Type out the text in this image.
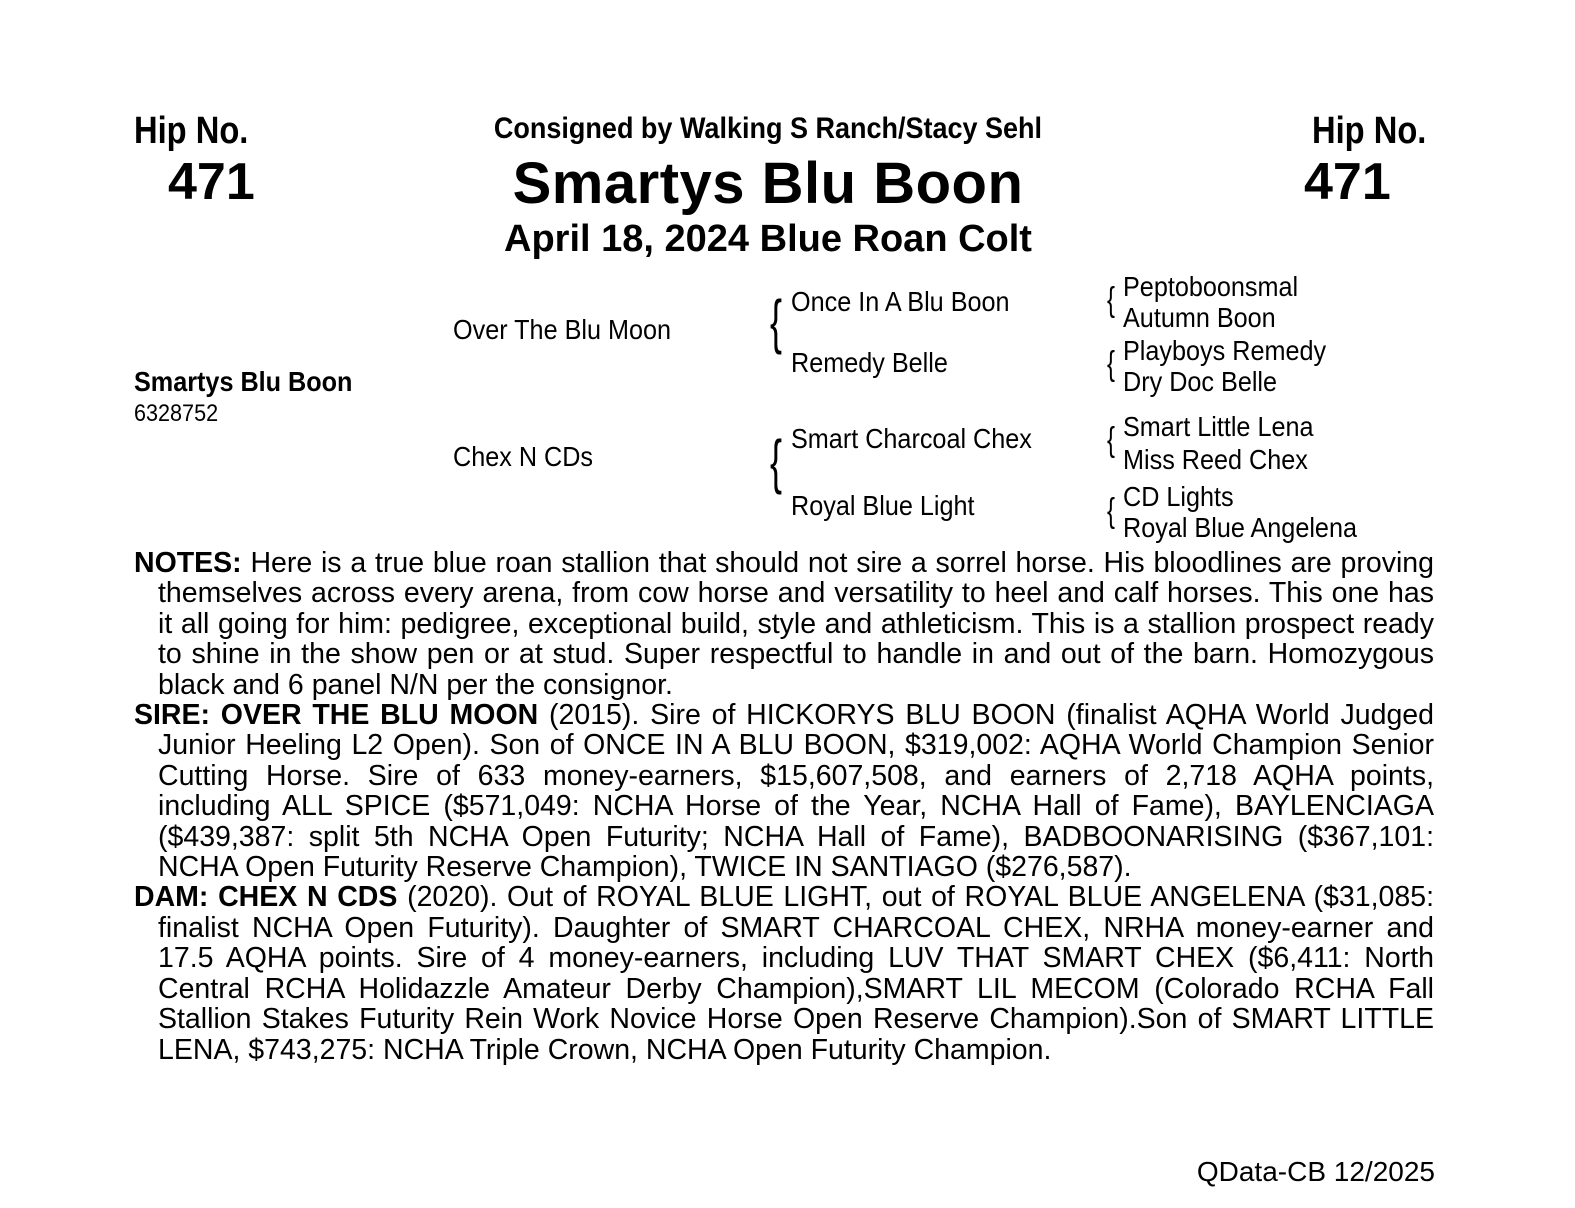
Hip No.
471
Hip No.
471
Consigned by Walking S Ranch/Stacy Sehl
Smartys Blu Boon
April 18, 2024 Blue Roan Colt
Smartys Blu Boon
6328752
Over The Blu Moon
Chex N CDs
{ Once In A Blu Boon
Remedy Belle
{ Smart Charcoal Chex
Royal Blue Light
{ Peptoboonsmal
Autumn Boon
{ Playboys Remedy
Dry Doc Belle
{ Smart Little Lena
Miss Reed Chex
{ CD Lights
Royal Blue Angelena

NOTES: Here is a true blue roan stallion that should not sire a sorrel horse. His bloodlines are proving themselves across every arena, from cow horse and versatility to heel and calf horses. This one has it all going for him: pedigree, exceptional build, style and athleticism. This is a stallion prospect ready to shine in the show pen or at stud. Super respectful to handle in and out of the barn. Homozygous black and 6 panel N/N per the consignor.

SIRE: OVER THE BLU MOON (2015). Sire of HICKORYS BLU BOON (finalist AQHA World Judged Junior Heeling L2 Open). Son of ONCE IN A BLU BOON, $319,002: AQHA World Champion Senior Cutting Horse. Sire of 633 money-earners, $15,607,508, and earners of 2,718 AQHA points, including ALL SPICE ($571,049: NCHA Horse of the Year, NCHA Hall of Fame), BAYLENCIAGA ($439,387: split 5th NCHA Open Futurity; NCHA Hall of Fame), BADBOONARISING ($367,101: NCHA Open Futurity Reserve Champion), TWICE IN SANTIAGO ($276,587).

DAM: CHEX N CDS (2020). Out of ROYAL BLUE LIGHT, out of ROYAL BLUE ANGELENA ($31,085: finalist NCHA Open Futurity). Daughter of SMART CHARCOAL CHEX, NRHA money-earner and 17.5 AQHA points. Sire of 4 money-earners, including LUV THAT SMART CHEX ($6,411: North Central RCHA Holidazzle Amateur Derby Champion),SMART LIL MECOM (Colorado RCHA Fall Stallion Stakes Futurity Rein Work Novice Horse Open Reserve Champion).Son of SMART LITTLE LENA, $743,275: NCHA Triple Crown, NCHA Open Futurity Champion.

QData-CB 12/2025
